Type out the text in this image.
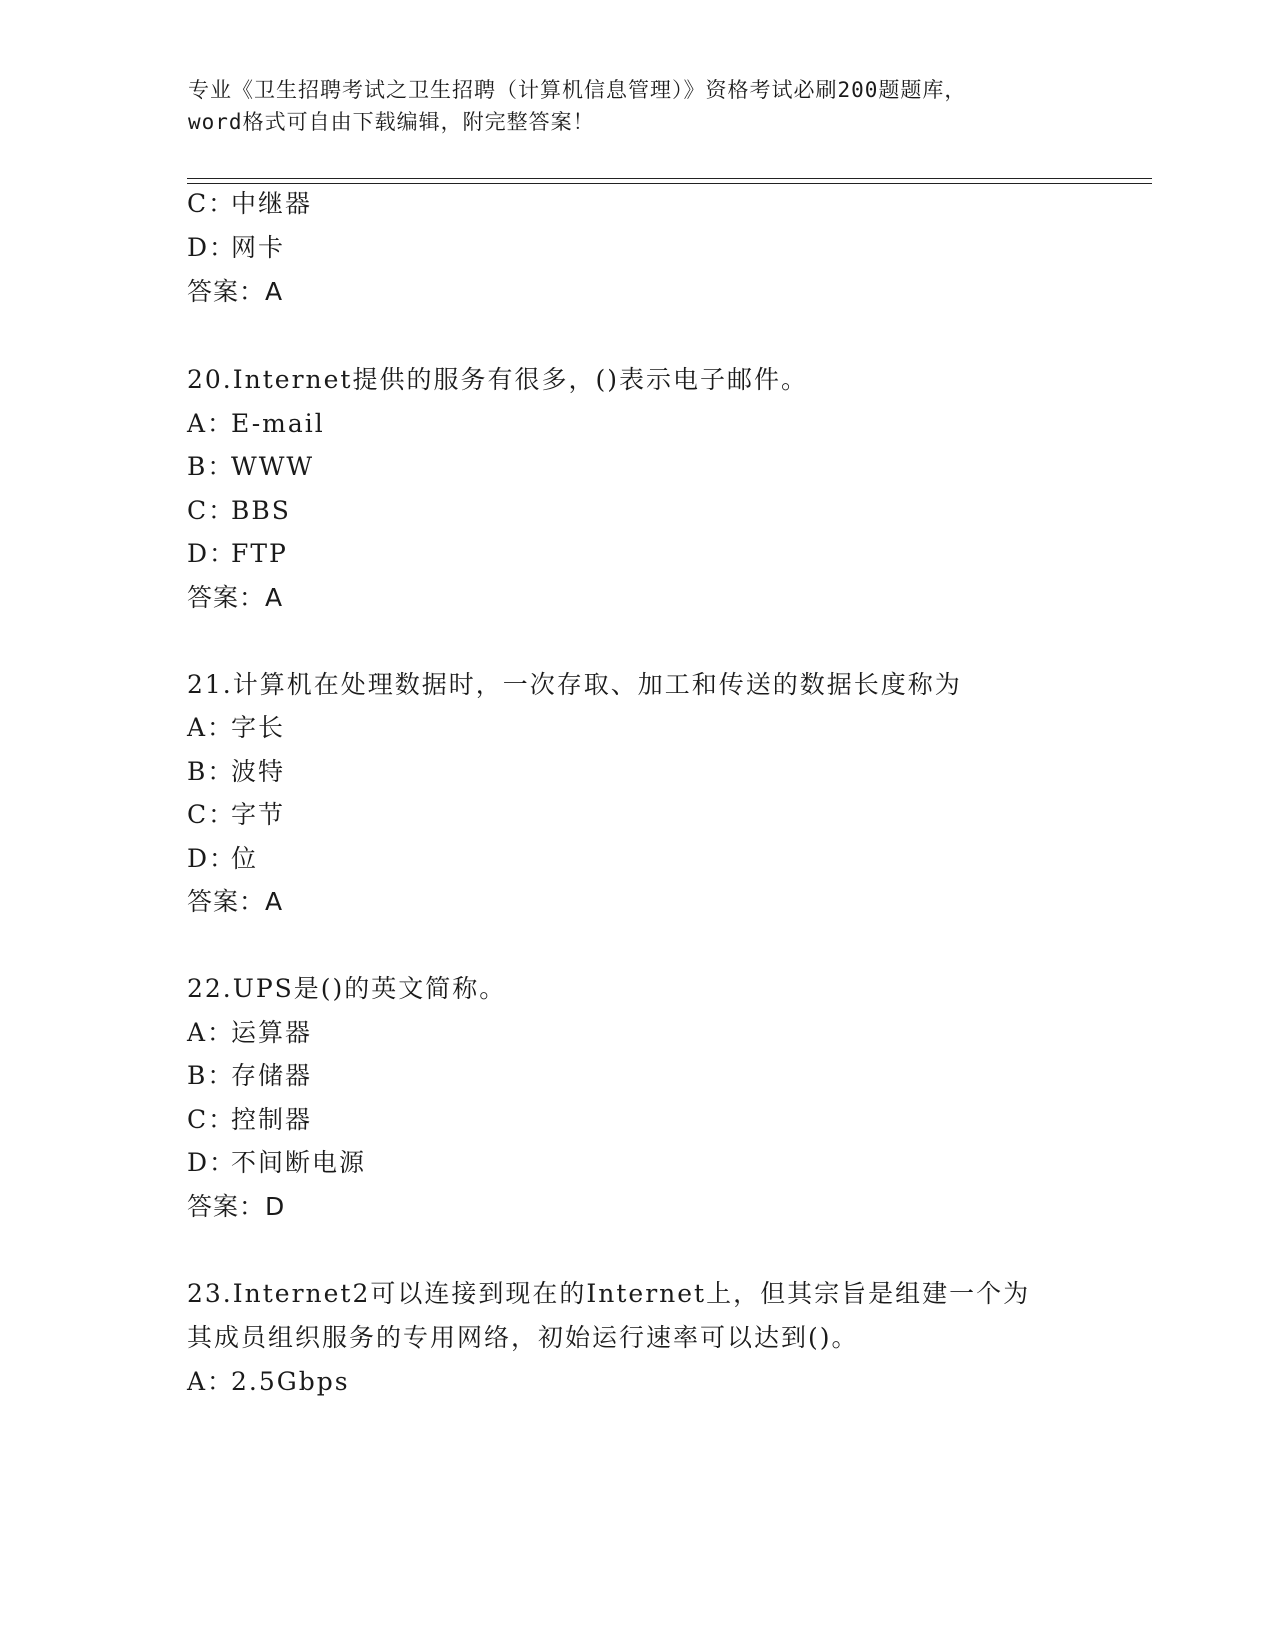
专业《卫生招聘考试之卫生招聘（计算机信息管理）》资格考试必刷200题题库，
word格式可自由下载编辑，附完整答案！
C：中继器
D：网卡
答案：A
20.Internet提供的服务有很多，()表示电子邮件。
A：E-mail
B：WWW
C：BBS
D：FTP
答案：A
21.计算机在处理数据时，一次存取、加工和传送的数据长度称为
A：字长
B：波特
C：字节
D：位
答案：A
22.UPS是()的英文简称。
A：运算器
B：存储器
C：控制器
D：不间断电源
答案：D
23.Internet2可以连接到现在的Internet上，但其宗旨是组建一个为
其成员组织服务的专用网络，初始运行速率可以达到()。
A：2.5Gbps
